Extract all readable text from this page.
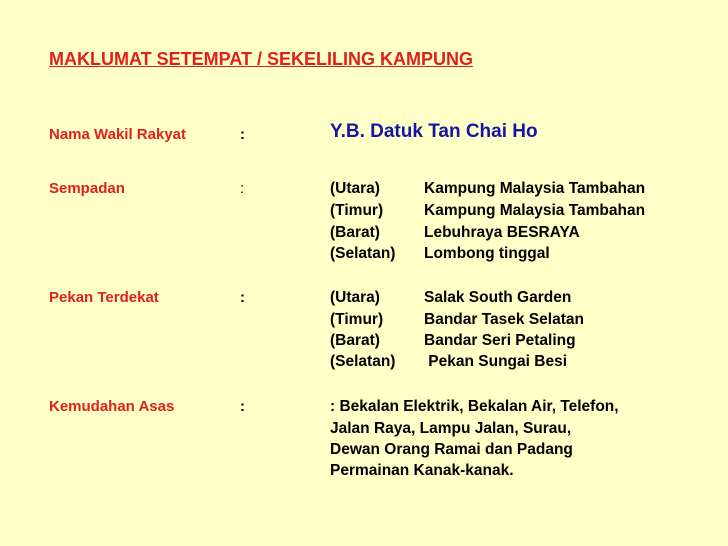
MAKLUMAT SETEMPAT / SEKELILING KAMPUNG
Nama Wakil Rakyat	:	Y.B. Datuk Tan Chai Ho
Sempadan	:	(Utara)	Kampung Malaysia Tambahan
(Timur)	Kampung Malaysia Tambahan
(Barat)	Lebuhraya BESRAYA
(Selatan) Lombong tinggal
Pekan Terdekat	:	(Utara)	Salak South Garden
(Timur)	Bandar Tasek Selatan
(Barat)	Bandar Seri Petaling
(Selatan) Pekan Sungai Besi
Kemudahan Asas	:	: Bekalan Elektrik, Bekalan Air, Telefon,
Jalan Raya, Lampu Jalan, Surau,
Dewan Orang Ramai dan Padang
Permainan Kanak-kanak.
